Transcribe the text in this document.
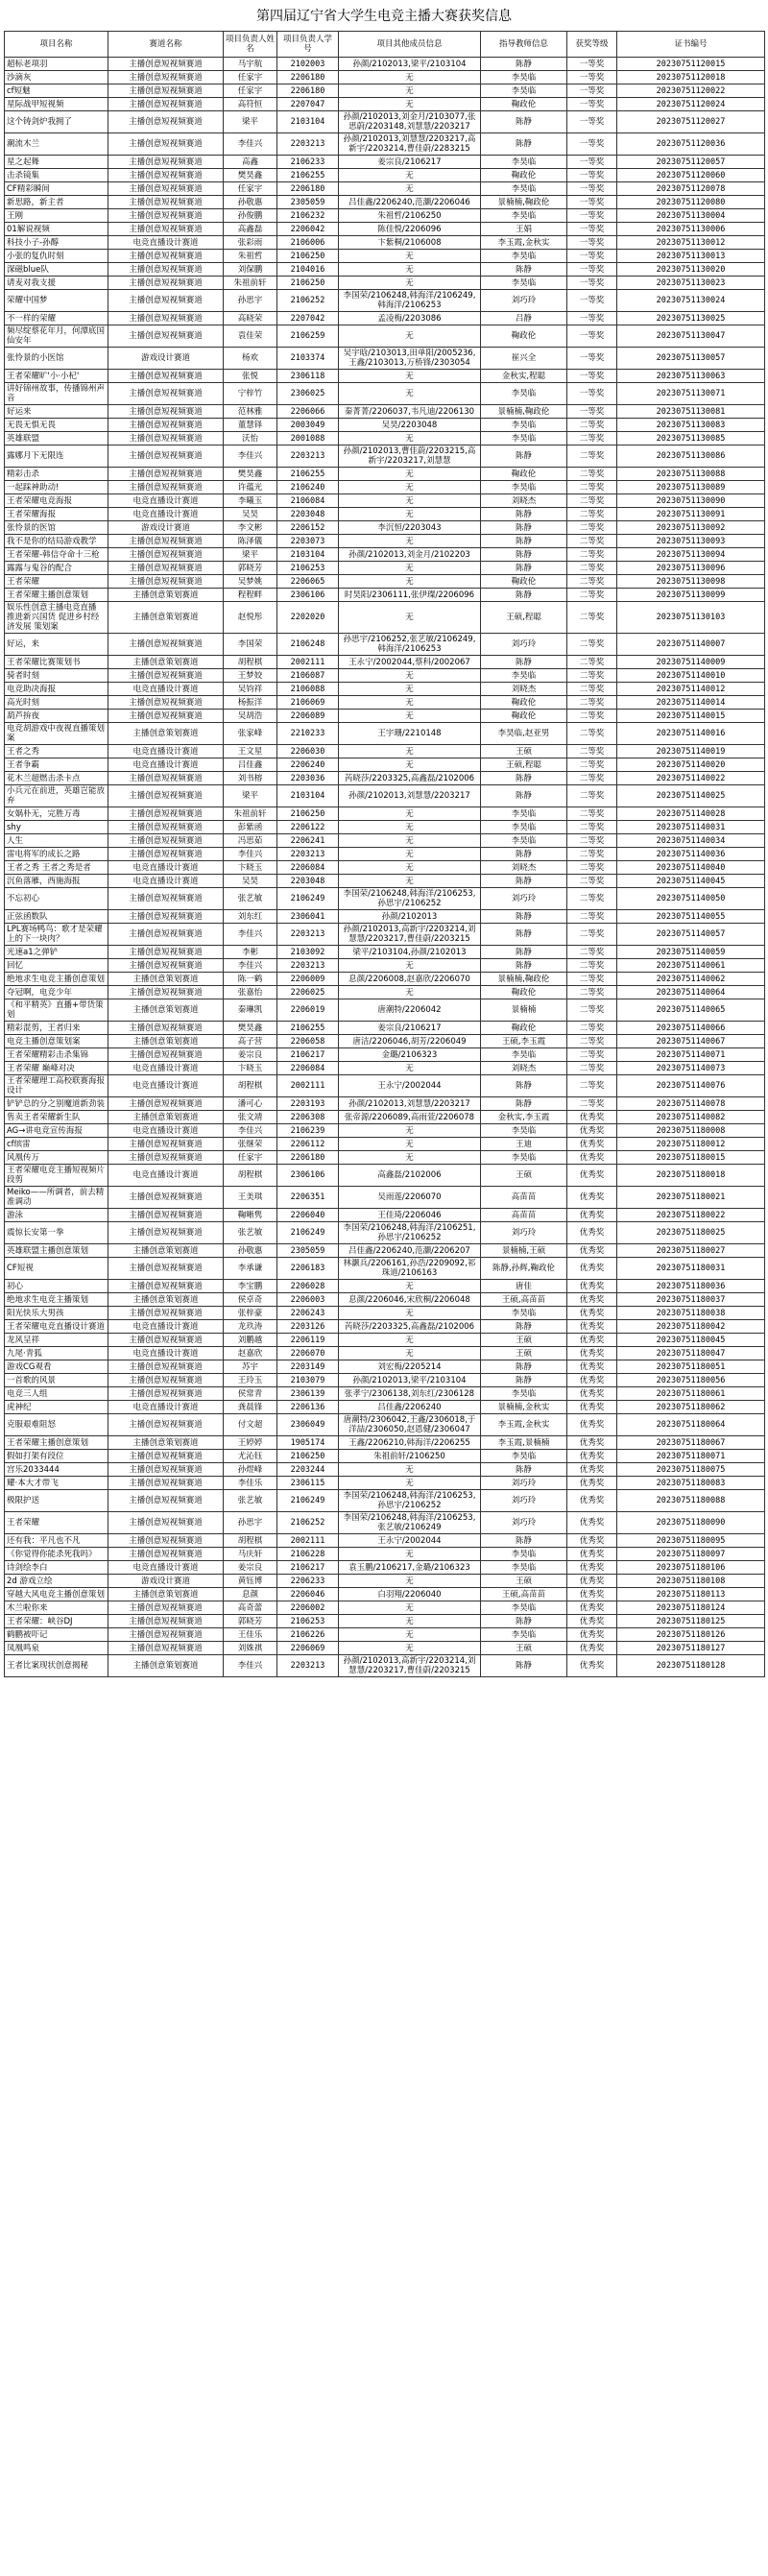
第四届辽宁省大学生电竞主播大赛获奖信息
项目名称	赛道名称	项目负责人姓名	项目负责人学号	项目其他成员信息	指导教师信息	获奖等级	证书编号
超标老项羽	主播创意短视频赛道	马宇航	2102003	孙颜/2102013,梁平/2103104	陈静	一等奖	20230751120015
沙滴灰	主播创意短视频赛道	任家宇	2206180	无	李昊临	一等奖	20230751120018
cf短魅	主播创意短视频赛道	任家宇	2206180	无	李昊临	一等奖	20230751120022
星际战甲短视频	主播创意短视频赛道	高符恒	2207047	无	鞠政伦	一等奖	20230751120024
这个铸剑炉我拥了	主播创意短视频赛道	梁平	2103104	孙颜/2102013,刘金月/2103077,张思蔚/2203148,刘慧慧/2203217	陈静	一等奖	20230751120027
潮流木兰	主播创意短视频赛道	李佳兴	2203213	孙颜/2102013,刘慧慧/2203217,高新宇/2203214,曹佳蔚/2283215	陈静	一等奖	20230751120036
星之起舞	主播创意短视频赛道	高鑫	2106233	姜宗良/2106217	李昊临	一等奖	20230751120057
击杀镜集	主播创意短视频赛道	樊昊鑫	2106255	无	鞠政伦	一等奖	20230751120060
CF精彩瞬间	主播创意短视频赛道	任家宇	2206180	无	李昊临	一等奖	20230751120078
新思路，新主者	主播创意短视频赛道	孙敬惠	2305059	吕佳鑫/2206240,范灏/2206046	景楠楠,鞠政伦	一等奖	20230751120080
王刚	主播创意短视频赛道	孙俊鹏	2106232	朱祖哲/2106250	李昊临	一等奖	20230751130004
01解说视频	主播创意短视频赛道	高鑫磊	2206042	陈佳悦/2206096	王娟	一等奖	20230751130006
科技小子-孙醇	电竞直播设计赛道	张彩雨	2106006	卞紫桐/2106008	李玉霞,金秋实	一等奖	20230751130012
小张的复仇时刻	主播创意短视频赛道	朱祖哲	2106250	无	李昊临	一等奖	20230751130013
深磁blue队	主播创意短视频赛道	刘保鹏	2104016	无	陈静	一等奖	20230751130020
请麦对我支援	主播创意短视频赛道	朱祖前轩	2106250	无	李昊临	一等奖	20230751130023
荣耀中国梦	主播创意短视频赛道	孙思宇	2106252	李国荣/2106248,韩海洋/2106249,韩海洋/2106253	刘巧玲	一等奖	20230751130024
不一样的荣耀	主播创意短视频赛道	高晓荣	2207042	孟凌梅/2203086	吕静	一等奖	20230751130025
频尽绽蔡花年月，何潭底国仙安年	主播创意短视频赛道	袁佳荣	2106259	无	鞠政伦	一等奖	20230751130047
张怜景的小医馆	游戏设计赛道	杨欢	2103374	吴宇晗/2103013,田单阳/2005236,王鑫/2103013,万桥锋/2303054	崔兴全	一等奖	20230751130057
王者荣耀旷'小·小杞'	主播创意短视频赛道	张悦	2306118	无	金秋实,程聪	一等奖	20230751130063
讲好锦州故事，传播锦州声音	主播创意短视频赛道	宁梓竹	2306025	无	李昊临	一等奖	20230751130071
好运来	主播创意短视频赛道	范林雅	2206066	秦菁菁/2206037,韦凡迪/2206130	景楠楠,鞠政伦	一等奖	20230751130081
无畏无惧无畏	主播创意短视频赛道	董慧铎	2003049	吴昊/2203048	李昊临	二等奖	20230751130083
英雄联盟	主播创意短视频赛道	沃怡	2001088	无	李昊临	二等奖	20230751130085
露娜月下无限连	主播创意短视频赛道	李佳兴	2203213	孙颜/2102013,曹佳蔚/2203215,高新宇/2203217,刘慧慧	陈静	二等奖	20230751130086
精彩击杀	主播创意短视频赛道	樊昊鑫	2106255	无	鞠政伦	二等奖	20230751130088
一起踩神助动!	主播创意短视频赛道	许蕴光	2106240	无	李昊临	二等奖	20230751130089
王者荣耀电竞海报	电竞直播设计赛道	李曦玉	2106084	无	刘晓杰	二等奖	20230751130090
王者荣耀海报	电竞直播设计赛道	吴昊	2203048	无	陈静	二等奖	20230751130091
张怜景的医馆	游戏设计赛道	李文彬	2206152	李沉恒/2203043	陈静	二等奖	20230751130092
我不是你的结局游戏教学	主播创意短视频赛道	陈泽儀	2203073	无	陈静	二等奖	20230751130093
王者荣耀-韩信夺命十三枪	主播创意短视频赛道	梁平	2103104	孙颜/2102013,刘金月/2102203	陈静	二等奖	20230751130094
露露与鬼谷的配合	主播创意短视频赛道	郭晓芳	2106253	无	陈静	二等奖	20230751130096
王者荣耀	主播创意短视频赛道	吴梦姚	2206065	无	鞠政伦	二等奖	20230751130098
王者荣耀主播创意策划	主播创意策划赛道	程程畔	2306106	时昊阳/2306111,张伊璨/2206096	陈静	二等奖	20230751130099
娱乐性创意主播电竞直播 推进新兴国货 促进乡村经济发展 策划案	主播创意策划赛道	赵悦彤	2202020	无	王硕,程聪	二等奖	20230751130103
好运，来	主播创意短视频赛道	李国荣	2106248	孙思宇/2106252,张艺敏/2106249,韩海洋/2106253	刘巧玲	二等奖	20230751140007
王者荣耀比赛策划书	主播创意策划赛道	胡程棋	2002111	王永宁/2002044,蔡科/2002067	陈静	二等奖	20230751140009
骑者时刻	主播创意短视频赛道	王梦姣	2106087	无	李昊临	二等奖	20230751140010
电竞助决海报	电竞直播设计赛道	吴钧祥	2106088	无	刘晓杰	二等奖	20230751140012
高光时刻	主播创意短视频赛道	杨振洋	2106069	无	鞠政伦	二等奖	20230751140014
葫芦拚夜	主播创意短视频赛道	吴胡浩	2206089	无	鞠政伦	二等奖	20230751140015
电竞胡游戏中夜视直播策划案	主播创意策划赛道	张家峰	2210233	王宇珊/2210148	李昊临,赵亚男	二等奖	20230751140016
王者之秀	电竞直播设计赛道	王文星	2206030	无	王硕	二等奖	20230751140019
王者争霸	电竞直播设计赛道	吕佳鑫	2206240	无	王硕,程聪	二等奖	20230751140020
花木兰超燃击杀卡点	主播创意短视频赛道	刘书榕	2203036	芮晓莎/2203325,高鑫磊/2102006	陈静	二等奖	20230751140022
小兵元在前进，英雄岂能放弃	主播创意短视频赛道	梁平	2103104	孙颜/2102013,刘慧慧/2203217	陈静	二等奖	20230751140025
女娲朴无，完胜万毒	主播创意短视频赛道	朱祖前轩	2106250	无	李昊临	二等奖	20230751140028
shy	主播创意短视频赛道	彭紫函	2206122	无	李昊临	二等奖	20230751140031
人生	主播创意短视频赛道	冯思茹	2206241	无	李昊临	二等奖	20230751140034
雷电将军的成长之路	主播创意短视频赛道	李佳兴	2203213	无	陈静	二等奖	20230751140036
王者之秀 王者之秀是者	电竞直播设计赛道	卞晓玉	2206084	无	刘晓杰	二等奖	20230751140040
沉鱼落雁，西施海报	电竞直播设计赛道	吴昊	2203048	无	陈静	二等奖	20230751140045
不忘初心	主播创意短视频赛道	张艺敏	2106249	李国荣/2106248,韩海洋/2106253,孙思宇/2106252	刘巧玲	二等奖	20230751140050
正弦函数队	主播创意短视频赛道	刘东红	2306041	孙颜/2102013	陈静	二等奖	20230751140055
LPL赛场鸭鸟：歌才是荣耀上的下一块肉？	主播创意短视频赛道	李佳兴	2203213	孙颜/2102013,高新宇/2203214,刘慧慧/2203217,曹佳蔚/2203215	陈静	二等奖	20230751140057
光速a1之弹铲	主播创意短视频赛道	李彬	2103092	梁平/2103104,孙颜/2102013	陈静	二等奖	20230751140059
回忆	主播创意短视频赛道	李佳兴	2203213	无	陈静	二等奖	20230751140061
绝地求生电竞主播创意策划	主播创意策划赛道	陈一鹤	2206009	息颜/2206008,赵嘉欣/2206070	景楠楠,鞠政伦	二等奖	20230751140062
夺冠啊，电竞少年	主播创意短视频赛道	张嘉怡	2206025	无	鞠政伦	二等奖	20230751140064
《和平精英》直播+带货策划	主播创意策划赛道	秦琳凯	2206019	唐潮特/2206042	景楠楠	二等奖	20230751140065
精彩混剪，王者归来	主播创意短视频赛道	樊昊鑫	2106255	姜宗良/2106217	鞠政伦	二等奖	20230751140066
电竞主播创意策划案	主播创意策划赛道	高子营	2206058	唐洁/2206046,胡芳/2206049	王硕,李玉霞	二等奖	20230751140067
王者荣耀精彩击杀集锦	主播创意短视频赛道	姜宗良	2106217	金璐/2106323	李昊临	二等奖	20230751140071
王者荣耀 巅峰对决	电竞直播设计赛道	卞晓玉	2206084	无	刘晓杰	二等奖	20230751140073
王者荣耀理工高校联赛海报设计	电竞直播设计赛道	胡程棋	2002111	王永宁/2002044	陈静	二等奖	20230751140076
铲铲总的分之别魔道新劲装	主播创意短视频赛道	潘可心	2203193	孙颜/2102013,刘慧慧/2203217	陈静	二等奖	20230751140078
售卖王者荣耀新生队	主播创意策划赛道	张文靖	2206308	张帝源/2206089,高雨萱/2206078	金秋实,李玉霞	优秀奖	20230751140082
AG→讲电竞宣传海报	电竞直播设计赛道	李佳兴	2106239	无	李昊临	优秀奖	20230751180008
cf缤雷	主播创意短视频赛道	张继荣	2206112	无	王迪	优秀奖	20230751180012
风凰传万	主播创意短视频赛道	任家宇	2206180	无	李昊临	优秀奖	20230751180015
王者荣耀电竞主播短视频片段剪	电竞直播设计赛道	胡程棋	2306106	高鑫磊/2102006	王硕	优秀奖	20230751180018
Meiko——所调者，前去精准调动	主播创意短视频赛道	王美琪	2206351	吴雨莲/2206070	高苗苗	优秀奖	20230751180021
游泳	主播创意短视频赛道	鞠晰隽	2206040	王佳琦/2206046	高苗苗	优秀奖	20230751180022
震惊长安第一拳	主播创意短视频赛道	张艺敏	2106249	李国荣/2106248,韩海洋/2106251,孙思宇/2106252	刘巧玲	优秀奖	20230751180025
英雄联盟主播创意策划	主播创意策划赛道	孙敬惠	2305059	吕佳鑫/2206240,范灏/2206207	景楠楠,王硕	优秀奖	20230751180027
CF短视	主播创意短视频赛道	李承谦	2206183	林灏兵/2206161,孙浩/2209092,祁珠道/2106163	陈静,孙辉,鞠政伦	优秀奖	20230751180031
初心	主播创意短视频赛道	李宝鹏	2206028	无	唐佳	优秀奖	20230751180036
绝地求生电竞主播策划	主播创意策划赛道	侯卓奇	2206003	息颜/2206046,宋欣桐/2206048	王硕,高苗苗	优秀奖	20230751180037
阳光快乐大男孩	主播创意短视频赛道	张梓豪	2206243	无	李昊临	优秀奖	20230751180038
王者荣耀电竞直播设计赛道	电竞直播设计赛道	龙玖涛	2203126	芮晓莎/2203325,高鑫磊/2102006	陈静	优秀奖	20230751180042
龙风呈祥	主播创意短视频赛道	刘鹏越	2206119	无	王硕	优秀奖	20230751180045
九尾·青狐	电竞直播设计赛道	赵嘉欣	2206070	无	王硕	优秀奖	20230751180047
游戏CG观看	主播创意短视频赛道	苏宇	2203149	刘宏梅/2205214	陈静	优秀奖	20230751180051
一首歌的风景	主播创意短视频赛道	王玲玉	2103079	孙颜/2102013,梁平/2103104	陈静	优秀奖	20230751180056
电竞三人组	主播创意短视频赛道	侯常青	2306139	张孝宁/2306138,刘东红/2306128	李昊临	优秀奖	20230751180061
虎神纪	电竞直播设计赛道	龚晨锋	2206136	吕佳鑫/2206240	景楠楠,金秋实	优秀奖	20230751180062
克服艰难阻怒	主播创意短视频赛道	付文超	2306049	唐潮特/2306042,王鑫/2306018,于洋喆/2306050,赵恩健/2306047	李玉霞,金秋实	优秀奖	20230751180064
王者荣耀主播创意策划	主播创意策划赛道	王婷婷	1905174	王鑫/2206210,韩海洋/2206255	李玉霞,景楠楠	优秀奖	20230751180067
假如打架有段位	主播创意短视频赛道	尤沁钰	2106250	朱祖前轩/2106250	李昊临	优秀奖	20230751180071
宫乐2033444	主播创意短视频赛道	孙煜峰	2203244	无	陈静	优秀奖	20230751180075
耀·本大才带飞	主播创意短视频赛道	李佳乐	2306115	无	刘巧玲	优秀奖	20230751180083
极限护送	主播创意短视频赛道	张艺敏	2106249	李国荣/2106248,韩海洋/2106253,孙思宇/2106252	刘巧玲	优秀奖	20230751180088
王者荣耀	主播创意短视频赛道	孙思宇	2106252	李国荣/2106248,韩海洋/2106253,张艺敏/2106249	刘巧玲	优秀奖	20230751180090
还有我：平凡也不凡	主播创意短视频赛道	胡程棋	2002111	王永宁/2002044	陈静	优秀奖	20230751180095
《你觉得你能杀死我吗》	主播创意短视频赛道	马庆轩	2106228	无	李昊临	优秀奖	20230751180097
诗剑绘李白	电竞直播设计赛道	姜宗良	2106217	袁玉鹏/2106217,金璐/2106323	李昊临	优秀奖	20230751180106
2d 游戏立绘	游戏设计赛道	黄钰博	2206233	无	王硕	优秀奖	20230751180108
穿越大风电竞主播创意策划	主播创意策划赛道	息颜	2206046	白羽翔/2206040	王硕,高苗苗	优秀奖	20230751180113
木兰啦你来	主播创意短视频赛道	高奇蕾	2206002	无	李昊临	优秀奖	20230751180124
王者荣耀：峡谷DJ	主播创意短视频赛道	郭晓芳	2106253	无	陈静	优秀奖	20230751180125
鹤鹏被吓记	主播创意短视频赛道	王佳乐	2106226	无	李昊临	优秀奖	20230751180126
凤凰鸣泉	主播创意短视频赛道	刘姝祺	2206069	无	王硕	优秀奖	20230751180127
王者比案现状创意揭秘	主播创意策划赛道	李佳兴	2203213	孙颜/2102013,高新宇/2203214,刘慧慧/2203217,曹佳蔚/2203215	陈静	优秀奖	20230751180128
